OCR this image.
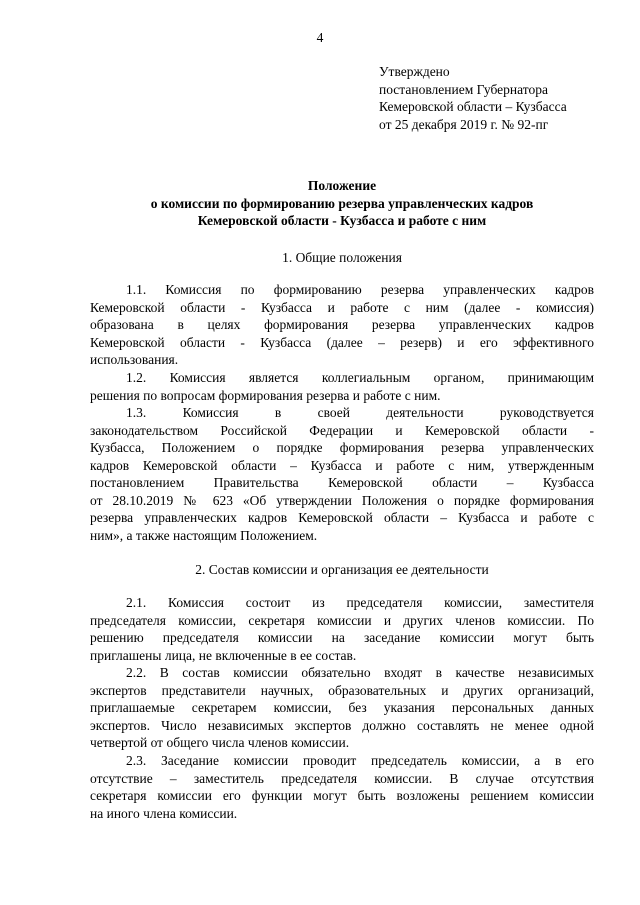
4
Утверждено
постановлением Губернатора
Кемеровской области – Кузбасса
от 25 декабря 2019 г. № 92-пг
Положение
о комиссии по формированию резерва управленческих кадров
Кемеровской области - Кузбасса и работе с ним
1. Общие положения
1.1. Комиссия по формированию резерва управленческих кадров
Кемеровской области - Кузбасса и работе с ним (далее - комиссия)
образована в целях формирования резерва управленческих кадров
Кемеровской области - Кузбасса (далее – резерв) и его эффективного
использования.
1.2. Комиссия является коллегиальным органом, принимающим
решения по вопросам формирования резерва и работе с ним.
1.3. Комиссия в своей деятельности руководствуется
законодательством Российской Федерации и Кемеровской области -
Кузбасса, Положением о порядке формирования резерва управленческих
кадров Кемеровской области – Кузбасса и работе с ним, утвержденным
постановлением Правительства Кемеровской области – Кузбасса
от 28.10.2019 № 623 «Об утверждении Положения о порядке формирования
резерва управленческих кадров Кемеровской области – Кузбасса и работе с
ним», а также настоящим Положением.
2. Состав комиссии и организация ее деятельности
2.1. Комиссия состоит из председателя комиссии, заместителя
председателя комиссии, секретаря комиссии и других членов комиссии. По
решению председателя комиссии на заседание комиссии могут быть
приглашены лица, не включенные в ее состав.
2.2. В состав комиссии обязательно входят в качестве независимых
экспертов представители научных, образовательных и других организаций,
приглашаемые секретарем комиссии, без указания персональных данных
экспертов. Число независимых экспертов должно составлять не менее одной
четвертой от общего числа членов комиссии.
2.3. Заседание комиссии проводит председатель комиссии, а в его
отсутствие – заместитель председателя комиссии. В случае отсутствия
секретаря комиссии его функции могут быть возложены решением комиссии
на иного члена комиссии.
